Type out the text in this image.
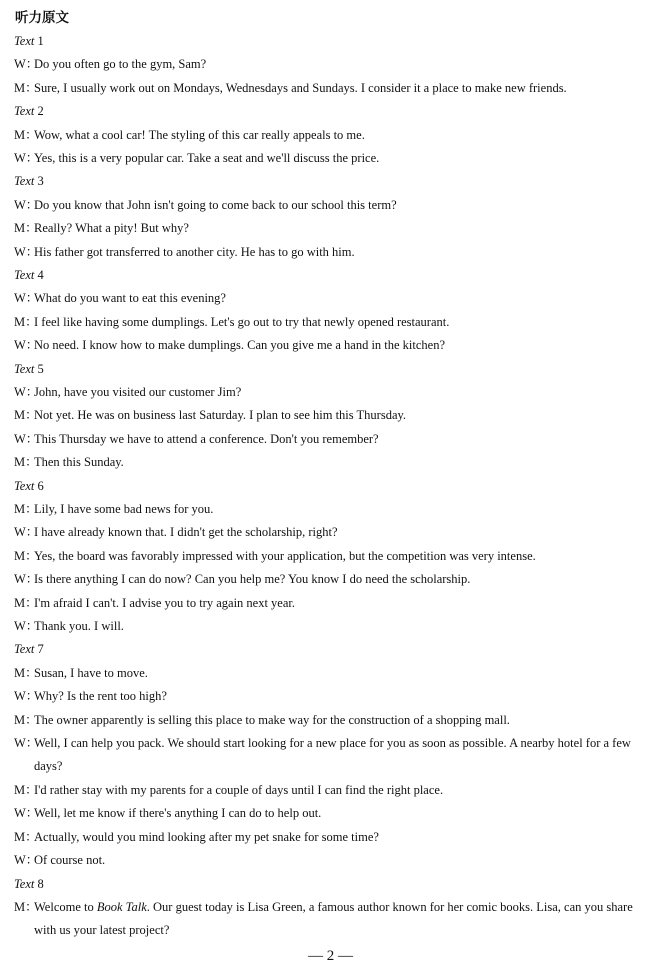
听力原文
Text 1
W：
Do you often go to the gym, Sam?
M：
Sure, I usually work out on Mondays, Wednesdays and Sundays. I consider it a place to make new friends.
Text 2
M：
Wow, what a cool car! The styling of this car really appeals to me.
W：
Yes, this is a very popular car. Take a seat and we'll discuss the price.
Text 3
W：
Do you know that John isn't going to come back to our school this term?
M：
Really? What a pity! But why?
W：
His father got transferred to another city. He has to go with him.
Text 4
W：
What do you want to eat this evening?
M：
I feel like having some dumplings. Let's go out to try that newly opened restaurant.
W：
No need. I know how to make dumplings. Can you give me a hand in the kitchen?
Text 5
W：
John, have you visited our customer Jim?
M：
Not yet. He was on business last Saturday. I plan to see him this Thursday.
W：
This Thursday we have to attend a conference. Don't you remember?
M：
Then this Sunday.
Text 6
M：
Lily, I have some bad news for you.
W：
I have already known that. I didn't get the scholarship, right?
M：
Yes, the board was favorably impressed with your application, but the competition was very intense.
W：
Is there anything I can do now? Can you help me? You know I do need the scholarship.
M：
I'm afraid I can't. I advise you to try again next year.
W：
Thank you. I will.
Text 7
M：
Susan, I have to move.
W：
Why? Is the rent too high?
M：
The owner apparently is selling this place to make way for the construction of a shopping mall.
W：
Well, I can help you pack. We should start looking for a new place for you as soon as possible. A nearby hotel for a few days?
M：
I'd rather stay with my parents for a couple of days until I can find the right place.
W：
Well, let me know if there's anything I can do to help out.
M：
Actually, would you mind looking after my pet snake for some time?
W：
Of course not.
Text 8
M：
Welcome to Book Talk. Our guest today is Lisa Green, a famous author known for her comic books. Lisa, can you share with us your latest project?
— 2 —
